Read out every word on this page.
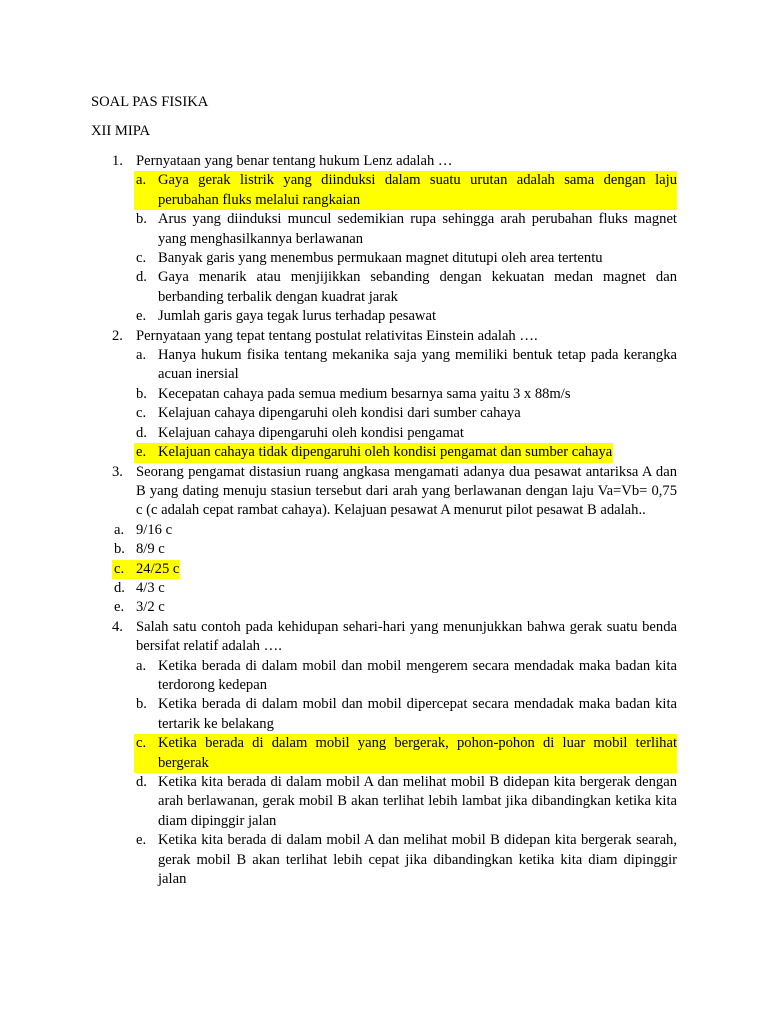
SOAL PAS FISIKA
XII MIPA
1. Pernyataan yang benar tentang hukum Lenz adalah …
a. Gaya gerak listrik yang diinduksi dalam suatu urutan adalah sama dengan laju perubahan fluks melalui rangkaian
b. Arus yang diinduksi muncul sedemikian rupa sehingga arah perubahan fluks magnet yang menghasilkannya berlawanan
c. Banyak garis yang menembus permukaan magnet ditutupi oleh area tertentu
d. Gaya menarik atau menjijikkan sebanding dengan kekuatan medan magnet dan berbanding terbalik dengan kuadrat jarak
e. Jumlah garis gaya tegak lurus terhadap pesawat
2. Pernyataan yang tepat tentang postulat relativitas Einstein adalah ….
a. Hanya hukum fisika tentang mekanika saja yang memiliki bentuk tetap pada kerangka acuan inersial
b. Kecepatan cahaya pada semua medium besarnya sama yaitu 3 x 88m/s
c. Kelajuan cahaya dipengaruhi oleh kondisi dari sumber cahaya
d. Kelajuan cahaya dipengaruhi oleh kondisi pengamat
e. Kelajuan cahaya tidak dipengaruhi oleh kondisi pengamat dan sumber cahaya
3. Seorang pengamat distasiun ruang angkasa mengamati adanya dua pesawat antariksa A dan B yang dating menuju stasiun tersebut dari arah yang berlawanan dengan laju Va=Vb= 0,75 c (c adalah cepat rambat cahaya). Kelajuan pesawat A menurut pilot pesawat B adalah..
a. 9/16 c
b. 8/9 c
c. 24/25 c
d. 4/3 c
e. 3/2 c
4. Salah satu contoh pada kehidupan sehari-hari yang menunjukkan bahwa gerak suatu benda bersifat relatif adalah ….
a. Ketika berada di dalam mobil dan mobil mengerem secara mendadak maka badan kita terdorong kedepan
b. Ketika berada di dalam mobil dan mobil dipercepat secara mendadak maka badan kita tertarik ke belakang
c. Ketika berada di dalam mobil yang bergerak, pohon-pohon di luar mobil terlihat bergerak
d. Ketika kita berada di dalam mobil A dan melihat mobil B didepan kita bergerak dengan arah berlawanan, gerak mobil B akan terlihat lebih lambat jika dibandingkan ketika kita diam dipinggir jalan
e. Ketika kita berada di dalam mobil A dan melihat mobil B didepan kita bergerak searah, gerak mobil B akan terlihat lebih cepat jika dibandingkan ketika kita diam dipinggir jalan
